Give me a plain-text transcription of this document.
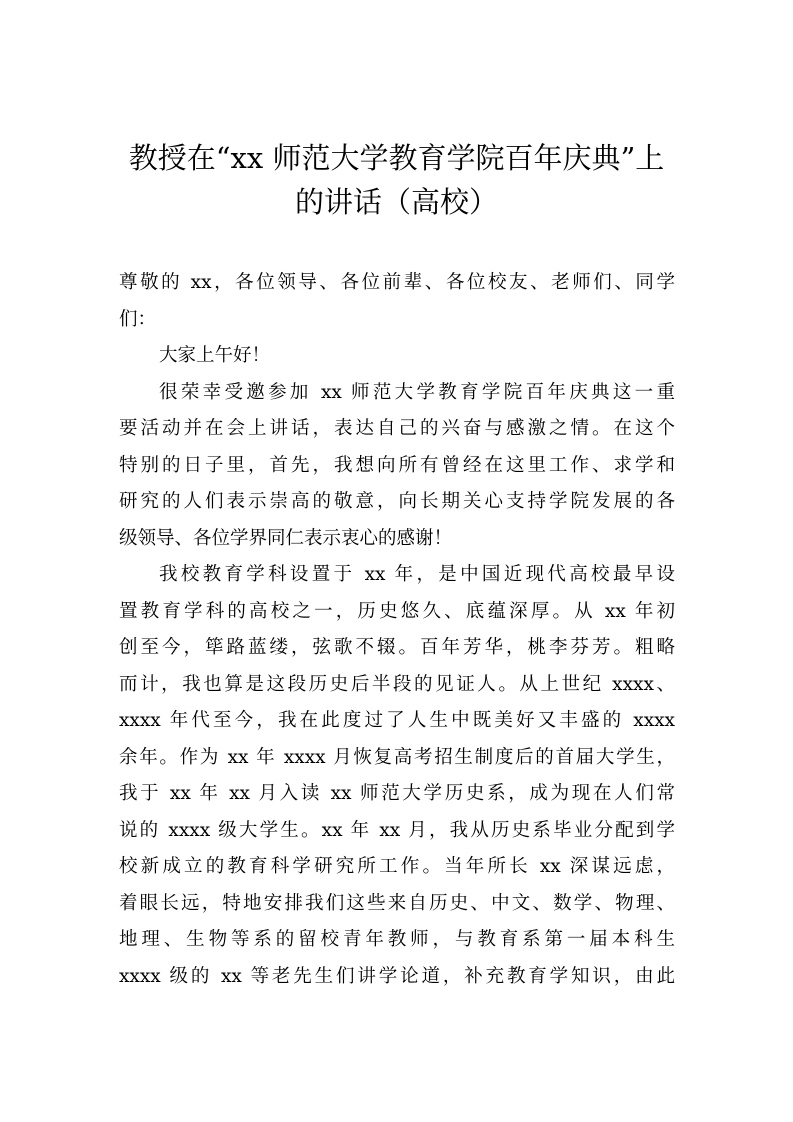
教授在“xx 师范大学教育学院百年庆典”上
的讲话（高校）
尊敬的 xx，各位领导、各位前辈、各位校友、老师们、同学
们：
大家上午好！
很荣幸受邀参加 xx 师范大学教育学院百年庆典这一重
要活动并在会上讲话，表达自己的兴奋与感激之情。在这个
特别的日子里，首先，我想向所有曾经在这里工作、求学和
研究的人们表示崇高的敬意，向长期关心支持学院发展的各
级领导、各位学界同仁表示衷心的感谢！
我校教育学科设置于 xx 年，是中国近现代高校最早设
置教育学科的高校之一，历史悠久、底蕴深厚。从 xx 年初
创至今，筚路蓝缕，弦歌不辍。百年芳华，桃李芬芳。粗略
而计，我也算是这段历史后半段的见证人。从上世纪 xxxx、
xxxx 年代至今，我在此度过了人生中既美好又丰盛的 xxxx
余年。作为 xx 年 xxxx 月恢复高考招生制度后的首届大学生，
我于 xx 年 xx 月入读 xx 师范大学历史系，成为现在人们常
说的 xxxx 级大学生。xx 年 xx 月，我从历史系毕业分配到学
校新成立的教育科学研究所工作。当年所长 xx 深谋远虑，
着眼长远，特地安排我们这些来自历史、中文、数学、物理、
地理、生物等系的留校青年教师，与教育系第一届本科生
xxxx 级的 xx 等老先生们讲学论道，补充教育学知识，由此
